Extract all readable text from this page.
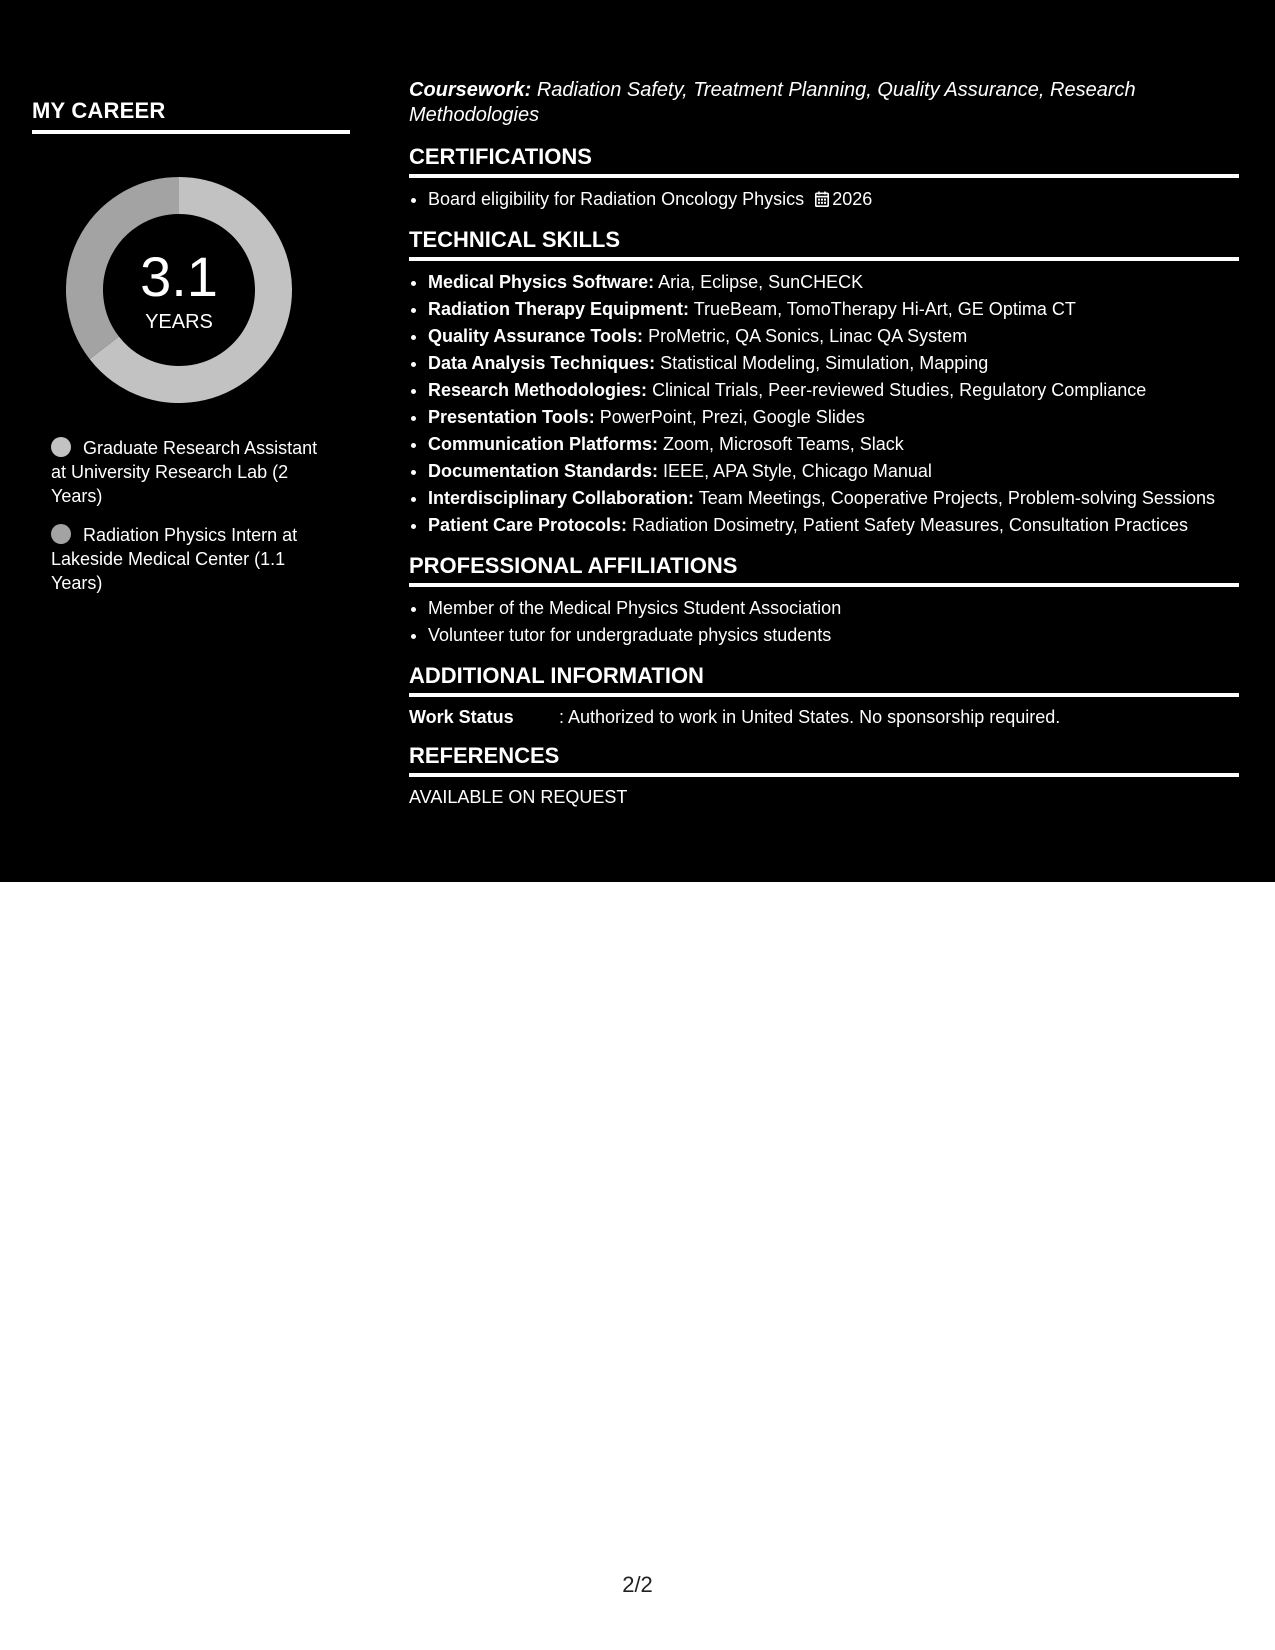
MY CAREER
3.1
YEARS
Graduate Research Assistant at University Research Lab (2 Years)
Radiation Physics Intern at Lakeside Medical Center (1.1 Years)

Coursework: Radiation Safety, Treatment Planning, Quality Assurance, Research Methodologies

CERTIFICATIONS
• Board eligibility for Radiation Oncology Physics 2026
TECHNICAL SKILLS
• Medical Physics Software: Aria, Eclipse, SunCHECK
• Radiation Therapy Equipment: TrueBeam, TomoTherapy Hi-Art, GE Optima CT
• Quality Assurance Tools: ProMetric, QA Sonics, Linac QA System
• Data Analysis Techniques: Statistical Modeling, Simulation, Mapping
• Research Methodologies: Clinical Trials, Peer-reviewed Studies, Regulatory Compliance
• Presentation Tools: PowerPoint, Prezi, Google Slides
• Communication Platforms: Zoom, Microsoft Teams, Slack
• Documentation Standards: IEEE, APA Style, Chicago Manual
• Interdisciplinary Collaboration: Team Meetings, Cooperative Projects, Problem-solving Sessions
• Patient Care Protocols: Radiation Dosimetry, Patient Safety Measures, Consultation Practices
PROFESSIONAL AFFILIATIONS
• Member of the Medical Physics Student Association
• Volunteer tutor for undergraduate physics students
ADDITIONAL INFORMATION
Work Status	: Authorized to work in United States. No sponsorship required.
REFERENCES
AVAILABLE ON REQUEST
2/2
